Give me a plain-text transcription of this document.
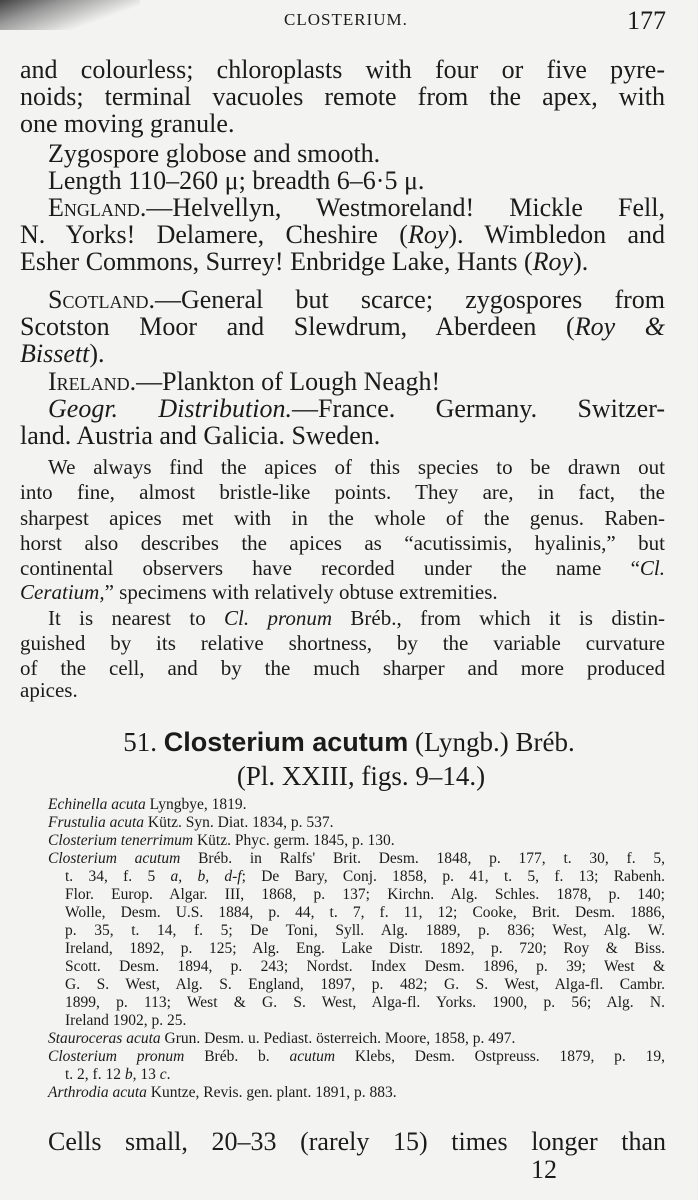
CLOSTERIUM.	177
and colourless; chloroplasts with four or five pyre-
noids; terminal vacuoles remote from the apex, with
one moving granule.
Zygospore globose and smooth.
Length 110–260 μ; breadth 6–6·5 μ.
England.—Helvellyn, Westmoreland! Mickle Fell,
N. Yorks! Delamere, Cheshire (Roy). Wimbledon and
Esher Commons, Surrey! Enbridge Lake, Hants (Roy).
Scotland.—General but scarce; zygospores from
Scotston Moor and Slewdrum, Aberdeen (Roy &
Bissett).
Ireland.—Plankton of Lough Neagh!
Geogr. Distribution.—France. Germany. Switzer-
land. Austria and Galicia. Sweden.
We always find the apices of this species to be drawn out
into fine, almost bristle-like points. They are, in fact, the
sharpest apices met with in the whole of the genus. Raben-
horst also describes the apices as “acutissimis, hyalinis,” but
continental observers have recorded under the name “Cl.
Ceratium,” specimens with relatively obtuse extremities.
It is nearest to Cl. pronum Bréb., from which it is distin-
guished by its relative shortness, by the variable curvature
of the cell, and by the much sharper and more produced
apices.
Echinella acuta Lyngbye, 1819.
Frustulia acuta Kütz. Syn. Diat. 1834, p. 537.
Closterium tenerrimum Kütz. Phyc. germ. 1845, p. 130.
Closterium acutum Bréb. in Ralfs' Brit. Desm. 1848, p. 177, t. 30, f. 5,
t. 34, f. 5 a, b, d-f; De Bary, Conj. 1858, p. 41, t. 5, f. 13; Rabenh.
Flor. Europ. Algar. III, 1868, p. 137; Kirchn. Alg. Schles. 1878, p. 140;
Wolle, Desm. U.S. 1884, p. 44, t. 7, f. 11, 12; Cooke, Brit. Desm. 1886,
p. 35, t. 14, f. 5; De Toni, Syll. Alg. 1889, p. 836; West, Alg. W.
Ireland, 1892, p. 125; Alg. Eng. Lake Distr. 1892, p. 720; Roy & Biss.
Scott. Desm. 1894, p. 243; Nordst. Index Desm. 1896, p. 39; West &
G. S. West, Alg. S. England, 1897, p. 482; G. S. West, Alga-fl. Cambr.
1899, p. 113; West & G. S. West, Alga-fl. Yorks. 1900, p. 56; Alg. N.
Ireland 1902, p. 25.
Stauroceras acuta Grun. Desm. u. Pediast. österreich. Moore, 1858, p. 497.
Closterium pronum Bréb. b. acutum Klebs, Desm. Ostpreuss. 1879, p. 19,
t. 2, f. 12 b, 13 c.
Arthrodia acuta Kuntze, Revis. gen. plant. 1891, p. 883.
51. Closterium acutum (Lyngb.) Bréb.
(Pl. XXIII, figs. 9–14.)
Cells small, 20–33 (rarely 15) times longer than
12
